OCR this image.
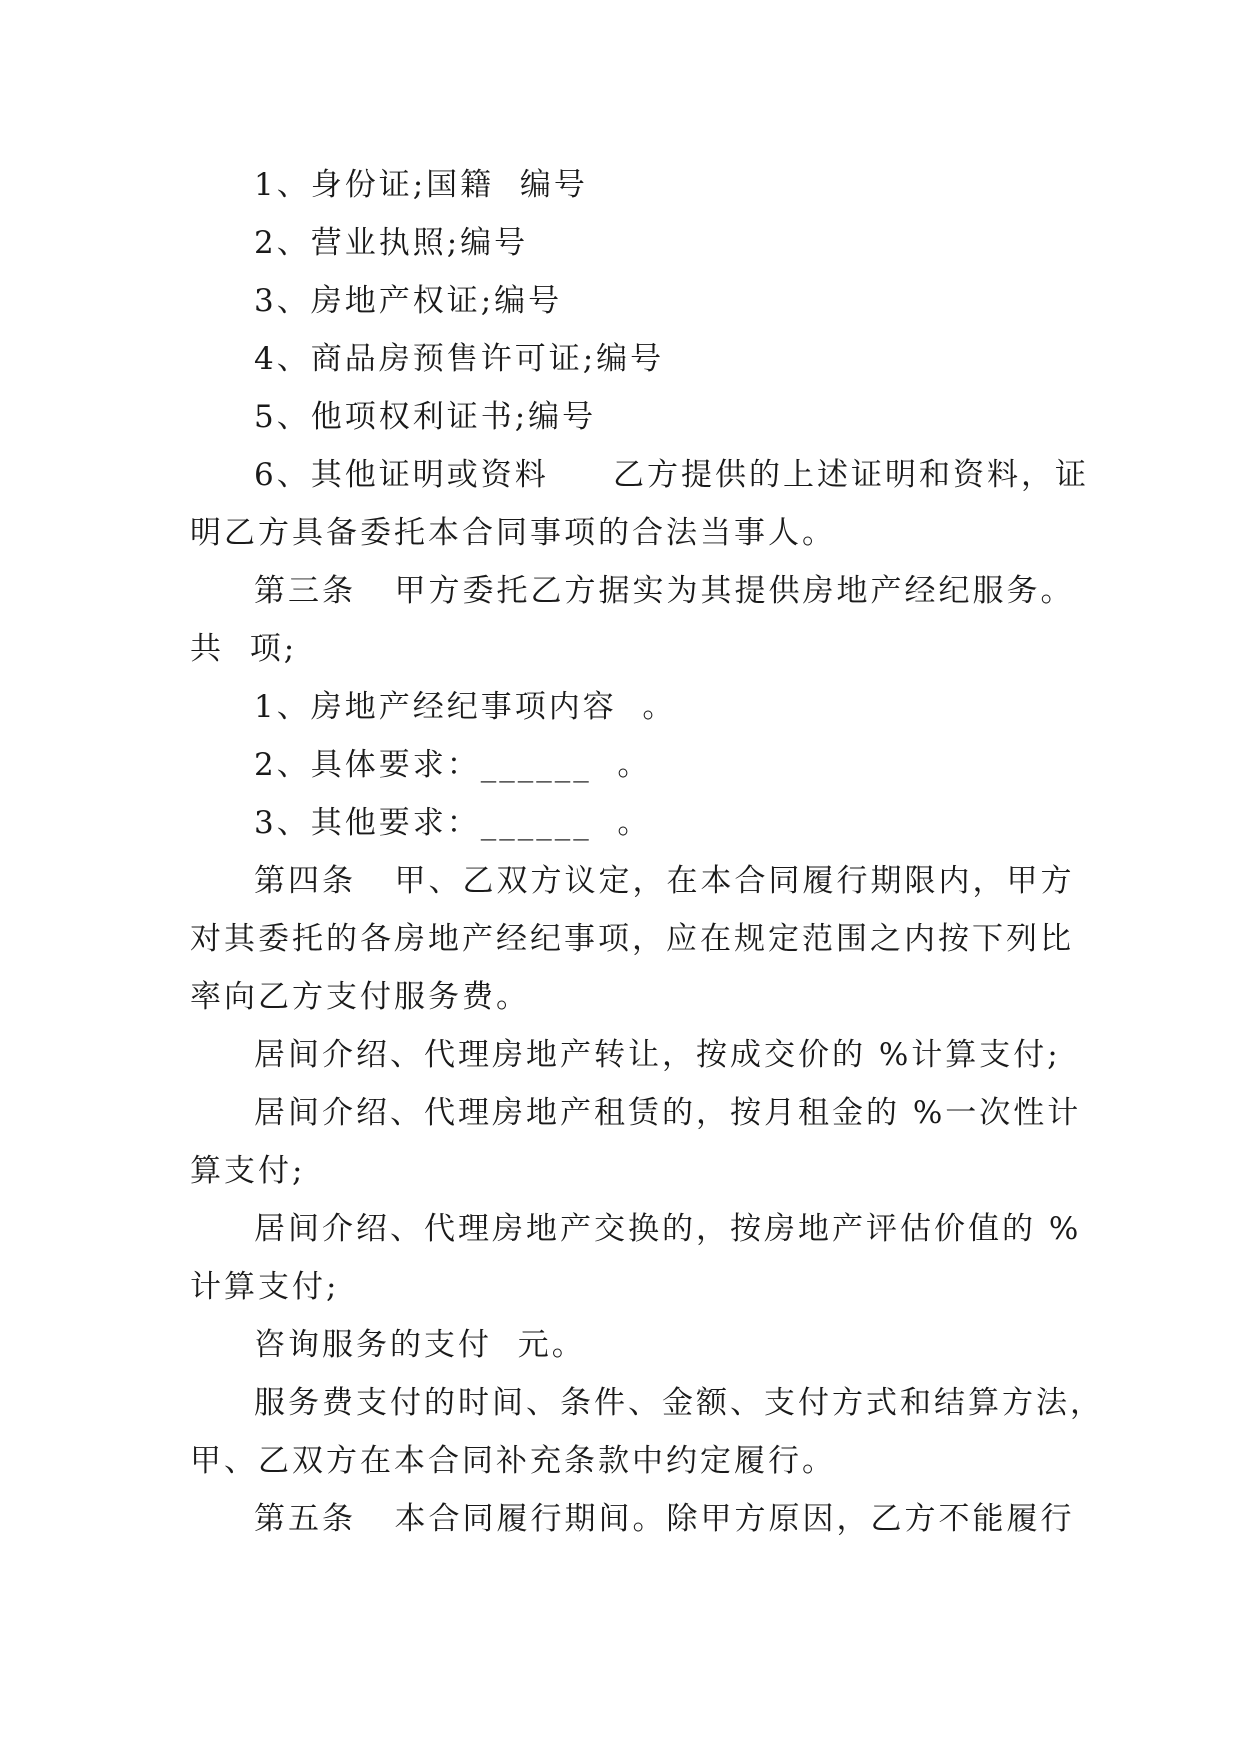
1、身份证;国籍  编号
2、营业执照;编号
3、房地产权证;编号
4、商品房预售许可证;编号
5、他项权利证书;编号
6、其他证明或资料     乙方提供的上述证明和资料，证
明乙方具备委托本合同事项的合法当事人。
第三条   甲方委托乙方据实为其提供房地产经纪服务。
共  项;
1、房地产经纪事项内容  。
2、具体要求：______  。
3、其他要求：______  。
第四条   甲、乙双方议定，在本合同履行期限内，甲方
对其委托的各房地产经纪事项，应在规定范围之内按下列比
率向乙方支付服务费。
居间介绍、代理房地产转让，按成交价的 %计算支付;
居间介绍、代理房地产租赁的，按月租金的 %一次性计
算支付;
居间介绍、代理房地产交换的，按房地产评估价值的 %
计算支付;
咨询服务的支付  元。
服务费支付的时间、条件、金额、支付方式和结算方法，
甲、乙双方在本合同补充条款中约定履行。
第五条   本合同履行期间。除甲方原因，乙方不能履行
